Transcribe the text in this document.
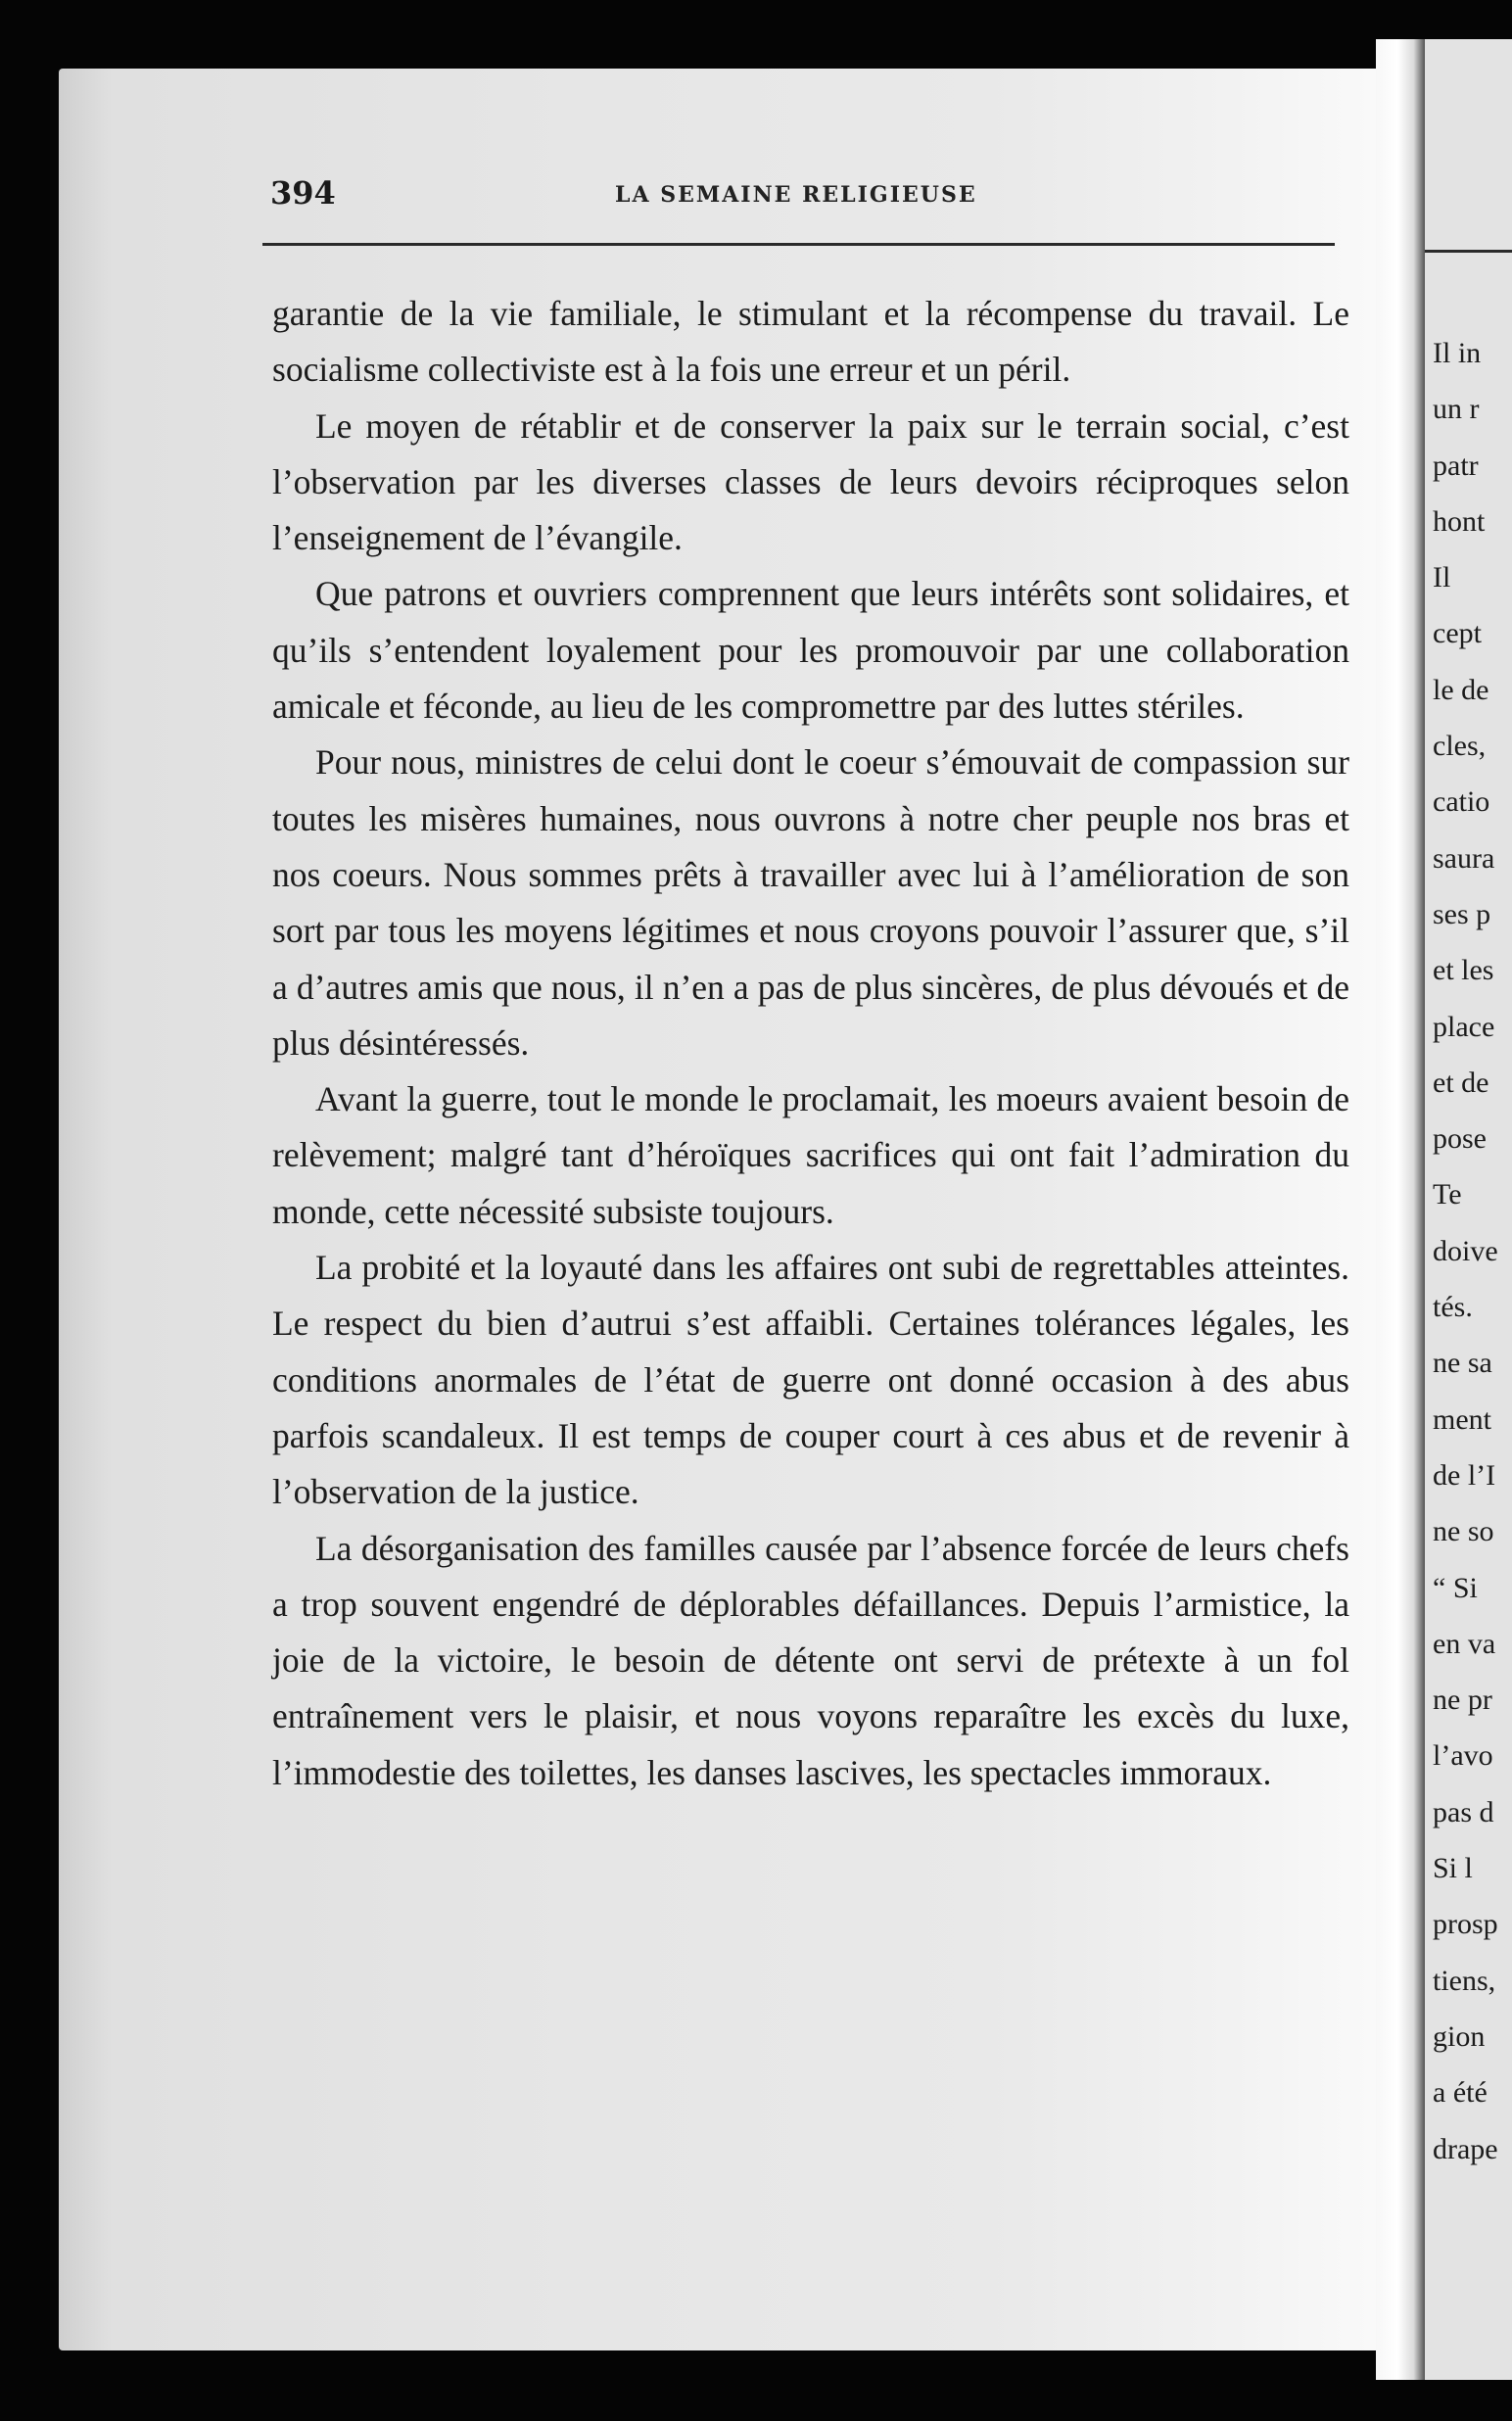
Il in
un r
patr
hont
Il
cept
le de
cles,
catio
saura
ses p
et les
place
et de
pose
Te
doive
tés.
ne sa
ment
de l’I
ne so
“ Si
en va
ne pr
l’avo
pas d
Si l
prosp
tiens,
gion
a été
drape
394	LA SEMAINE RELIGIEUSE

garantie de la vie familiale, le stimulant et la récompense du travail. Le socialisme collectiviste est à la fois une erreur et un péril.

Le moyen de rétablir et de conserver la paix sur le terrain social, c’est l’observation par les diverses classes de leurs devoirs réciproques selon l’enseignement de l’évangile.

Que patrons et ouvriers comprennent que leurs intérêts sont solidaires, et qu’ils s’entendent loyalement pour les promouvoir par une collaboration amicale et féconde, au lieu de les compromettre par des luttes stériles.

Pour nous, ministres de celui dont le coeur s’émouvait de compassion sur toutes les misères humaines, nous ouvrons à notre cher peuple nos bras et nos coeurs. Nous sommes prêts à travailler avec lui à l’amélioration de son sort par tous les moyens légitimes et nous croyons pouvoir l’assurer que, s’il a d’autres amis que nous, il n’en a pas de plus sincères, de plus dévoués et de plus désintéressés.

Avant la guerre, tout le monde le proclamait, les moeurs avaient besoin de relèvement; malgré tant d’héroïques sacrifices qui ont fait l’admiration du monde, cette nécessité subsiste toujours.

La probité et la loyauté dans les affaires ont subi de regrettables atteintes. Le respect du bien d’autrui s’est affaibli. Certaines tolérances légales, les conditions anormales de l’état de guerre ont donné occasion à des abus parfois scandaleux. Il est temps de couper court à ces abus et de revenir à l’observation de la justice.

La désorganisation des familles causée par l’absence forcée de leurs chefs a trop souvent engendré de déplorables défaillances. Depuis l’armistice, la joie de la victoire, le besoin de détente ont servi de prétexte à un fol entraînement vers le plaisir, et nous voyons reparaître les excès du luxe, l’immodestie des toilettes, les danses lascives, les spectacles immoraux.
